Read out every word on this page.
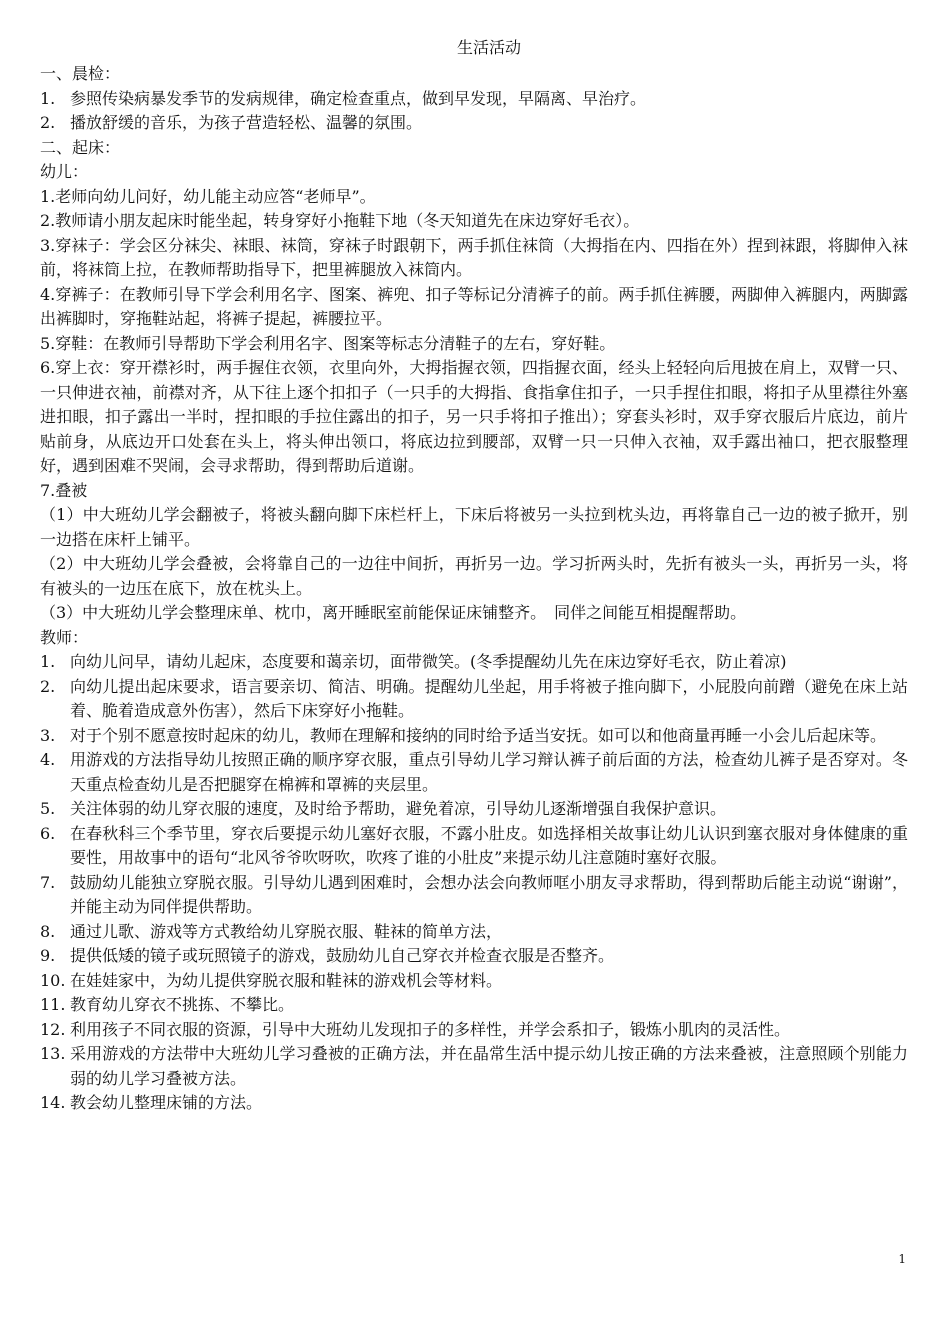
生活活动
一、晨检：
1. 参照传染病暴发季节的发病规律，确定检查重点，做到早发现，早隔离、早治疗。
2. 播放舒缓的音乐，为孩子营造轻松、温馨的氛围。
二、起床：
幼儿：
1.老师向幼儿问好，幼儿能主动应答“老师早”。
2.教师请小朋友起床时能坐起，转身穿好小拖鞋下地（冬天知道先在床边穿好毛衣）。
3.穿袜子：学会区分袜尖、袜眼、袜筒，穿袜子时跟朝下，两手抓住袜筒（大拇指在内、四指在外）捏到袜跟，将脚伸入袜前，将袜筒上拉，在教师帮助指导下，把里裤腿放入袜筒内。
4.穿裤子：在教师引导下学会利用名字、图案、裤兜、扣子等标记分清裤子的前。两手抓住裤腰，两脚伸入裤腿内，两脚露出裤脚时，穿拖鞋站起，将裤子提起，裤腰拉平。
5.穿鞋：在教师引导帮助下学会利用名字、图案等标志分清鞋子的左右，穿好鞋。
6.穿上衣：穿开襟衫时，两手握住衣领，衣里向外，大拇指握衣领，四指握衣面，经头上轻轻向后甩披在肩上，双臂一只、一只伸进衣袖，前襟对齐，从下往上逐个扣扣子（一只手的大拇指、食指拿住扣子，一只手捏住扣眼，将扣子从里襟往外塞进扣眼，扣子露出一半时，捏扣眼的手拉住露出的扣子，另一只手将扣子推出）；穿套头衫时，双手穿衣服后片底边，前片贴前身，从底边开口处套在头上，将头伸出领口，将底边拉到腰部，双臂一只一只伸入衣袖，双手露出袖口，把衣服整理好，遇到困难不哭闹，会寻求帮助，得到帮助后道谢。
7.叠被
（1）中大班幼儿学会翻被子，将被头翻向脚下床栏杆上，下床后将被另一头拉到枕头边，再将靠自己一边的被子掀开，别一边搭在床杆上铺平。
（2）中大班幼儿学会叠被，会将靠自己的一边往中间折，再折另一边。学习折两头时，先折有被头一头，再折另一头，将有被头的一边压在底下，放在枕头上。
（3）中大班幼儿学会整理床单、枕巾，离开睡眠室前能保证床铺整齐。　同伴之间能互相提醒帮助。
教师：
1. 向幼儿问早，请幼儿起床，态度要和蔼亲切，面带微笑。(冬季提醒幼儿先在床边穿好毛衣，防止着凉)
2. 向幼儿提出起床要求，语言要亲切、简洁、明确。提醒幼儿坐起，用手将被子推向脚下，小屁股向前蹭（避免在床上站着、脆着造成意外伤害），然后下床穿好小拖鞋。
3. 对于个别不愿意按时起床的幼儿，教师在理解和接纳的同时给予适当安抚。如可以和他商量再睡一小会儿后起床等。
4. 用游戏的方法指导幼儿按照正确的顺序穿衣服，重点引导幼儿学习辩认裤子前后面的方法，检查幼儿裤子是否穿对。冬天重点检查幼儿是否把腿穿在棉裤和罩裤的夹层里。
5. 关注体弱的幼儿穿衣服的速度，及时给予帮助，避免着凉，引导幼儿逐渐增强自我保护意识。
6. 在春秋科三个季节里，穿衣后要提示幼儿塞好衣服，不露小肚皮。如选择相关故事让幼儿认识到塞衣服对身体健康的重要性，用故事中的语句“北风爷爷吹呀吹，吹疼了谁的小肚皮”来提示幼儿注意随时塞好衣服。
7. 鼓励幼儿能独立穿脱衣服。引导幼儿遇到困难时，会想办法会向教师哐小朋友寻求帮助，得到帮助后能主动说“谢谢”，并能主动为同伴提供帮助。
8. 通过儿歌、游戏等方式教给幼儿穿脱衣服、鞋袜的简单方法，
9. 提供低矮的镜子或玩照镜子的游戏，鼓励幼儿自己穿衣并检查衣服是否整齐。
10. 在娃娃家中，为幼儿提供穿脱衣服和鞋袜的游戏机会等材料。
11. 教育幼儿穿衣不挑拣、不攀比。
12. 利用孩子不同衣服的资源，引导中大班幼儿发现扣子的多样性，并学会系扣子，锻炼小肌肉的灵活性。
13. 采用游戏的方法带中大班幼儿学习叠被的正确方法，并在晶常生活中提示幼儿按正确的方法来叠被，注意照顾个别能力弱的幼儿学习叠被方法。
14. 教会幼儿整理床铺的方法。
1
